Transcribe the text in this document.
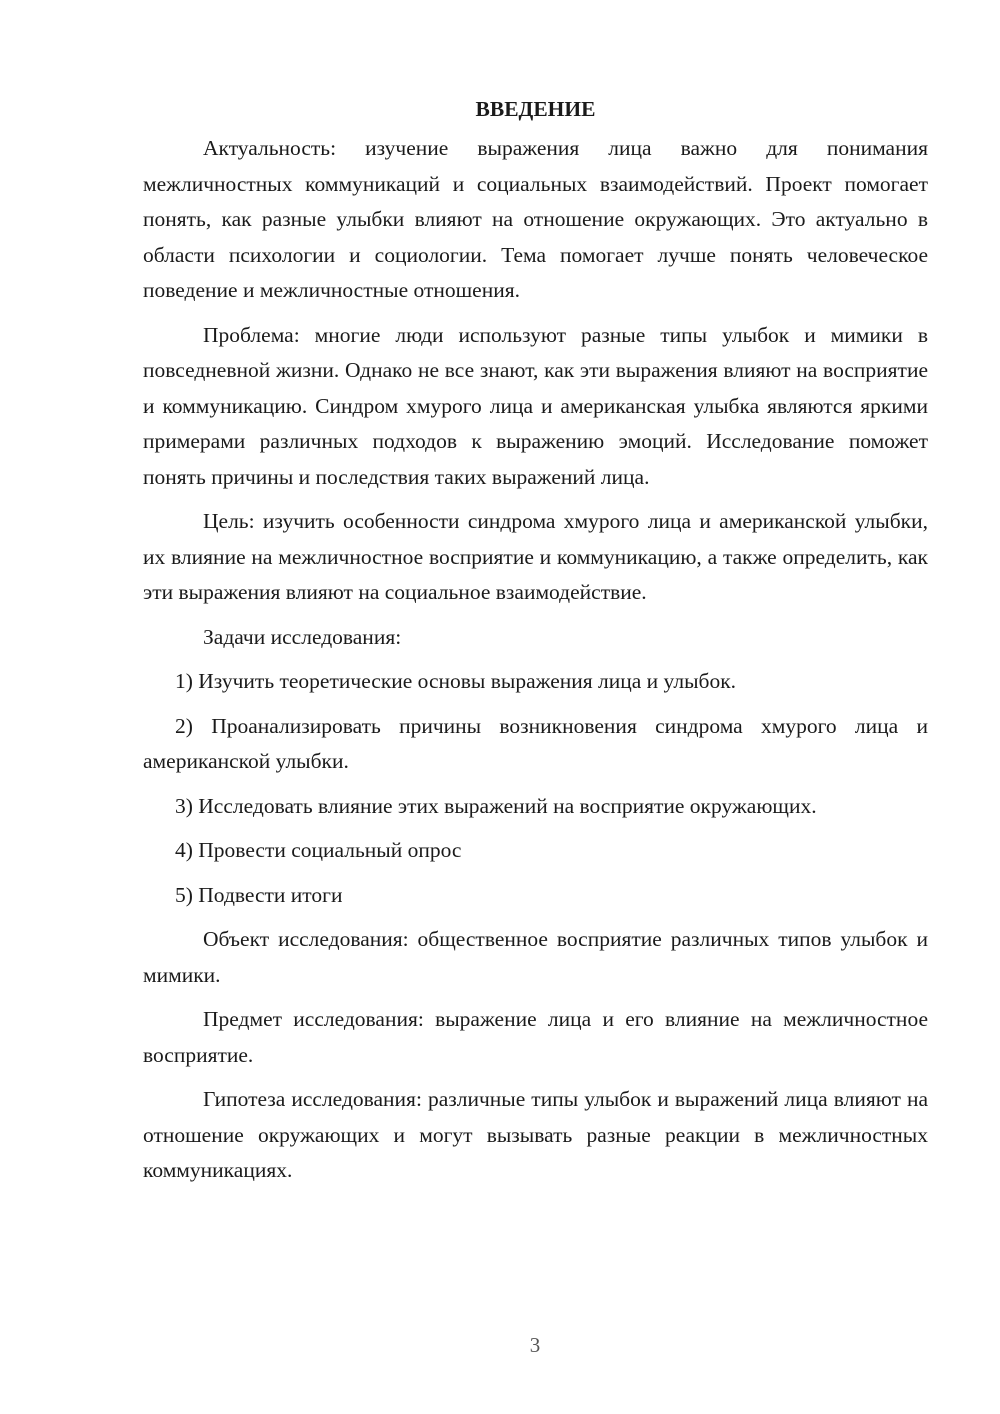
ВВЕДЕНИЕ

Актуальность: изучение выражения лица важно для понимания межличностных коммуникаций и социальных взаимодействий. Проект помогает понять, как разные улыбки влияют на отношение окружающих. Это актуально в области психологии и социологии. Тема помогает лучше понять человеческое поведение и межличностные отношения.

Проблема: многие люди используют разные типы улыбок и мимики в повседневной жизни. Однако не все знают, как эти выражения влияют на восприятие и коммуникацию. Синдром хмурого лица и американская улыбка являются яркими примерами различных подходов к выражению эмоций. Исследование поможет понять причины и последствия таких выражений лица.

Цель: изучить особенности синдрома хмурого лица и американской улыбки, их влияние на межличностное восприятие и коммуникацию, а также определить, как эти выражения влияют на социальное взаимодействие.

Задачи исследования:

1) Изучить теоретические основы выражения лица и улыбок.

2) Проанализировать причины возникновения синдрома хмурого лица и американской улыбки.

3) Исследовать влияние этих выражений на восприятие окружающих.

4) Провести социальный опрос

5) Подвести итоги

Объект исследования: общественное восприятие различных типов улыбок и мимики.

Предмет исследования: выражение лица и его влияние на межличностное восприятие.

Гипотеза исследования: различные типы улыбок и выражений лица влияют на отношение окружающих и могут вызывать разные реакции в межличностных коммуникациях.

3
